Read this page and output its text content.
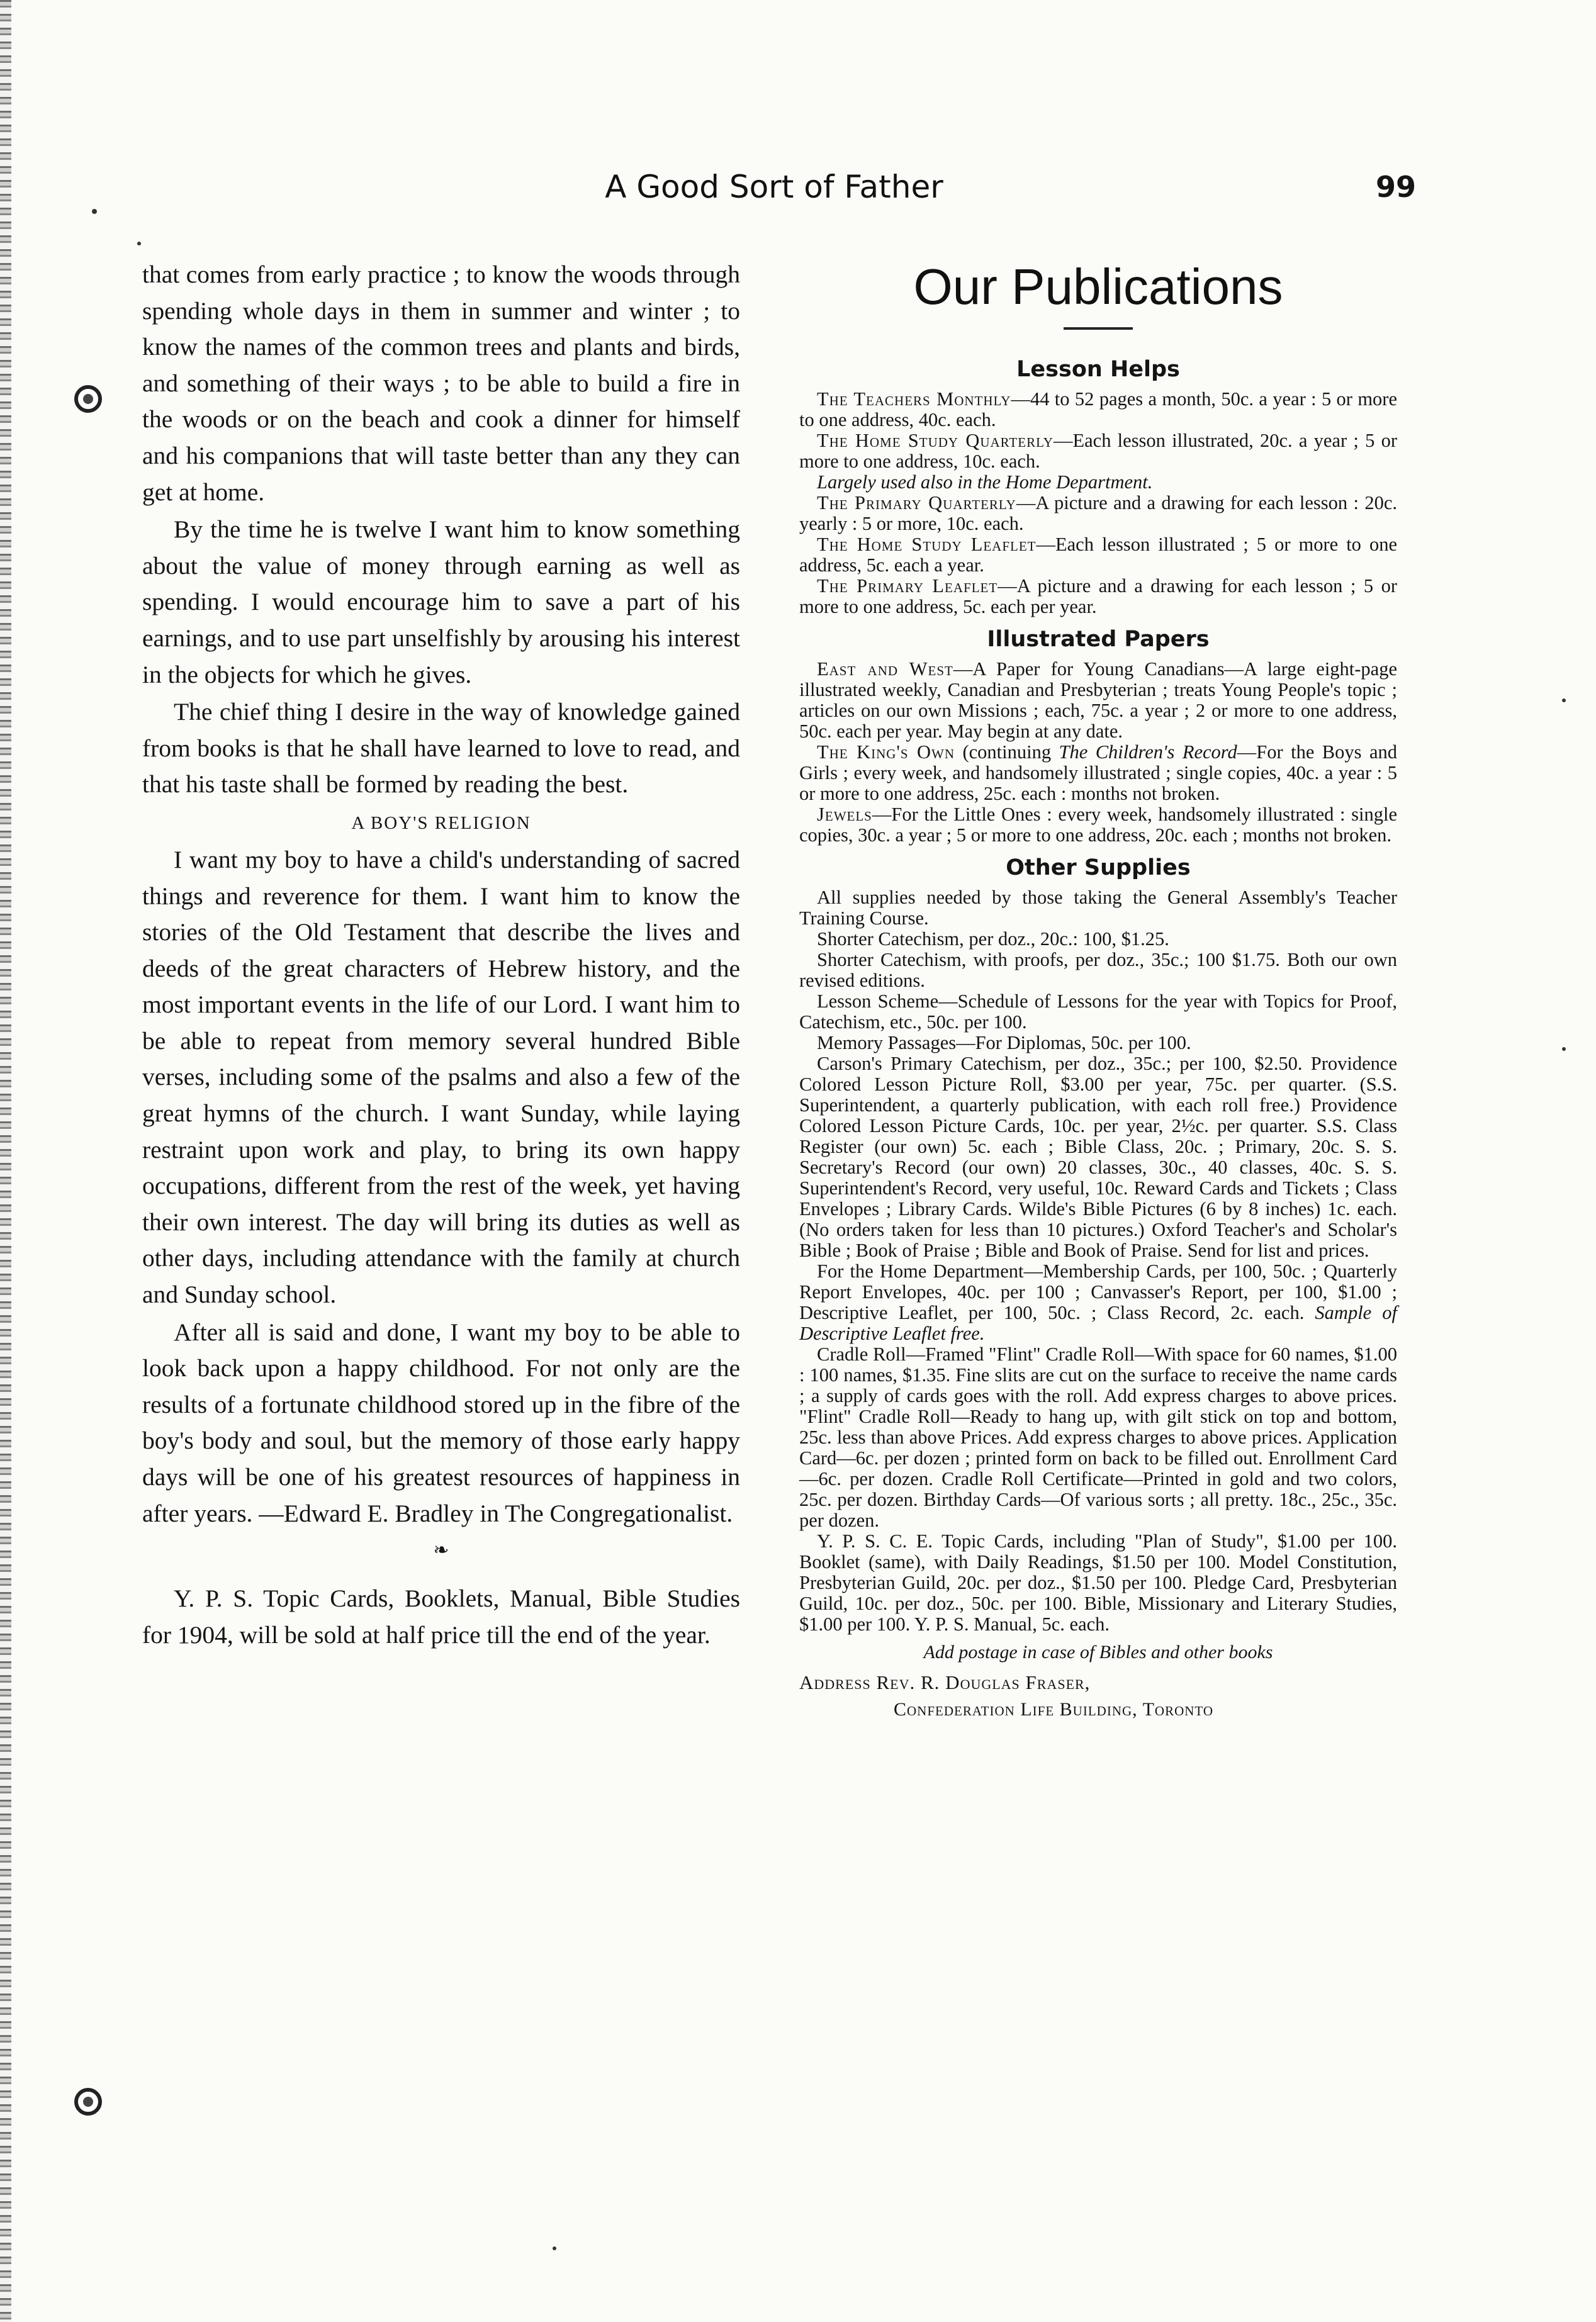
A Good Sort of Father	99

that comes from early practice ; to know the woods through spending whole days in them in summer and winter ; to know the names of the common trees and plants and birds, and something of their ways ; to be able to build a fire in the woods or on the beach and cook a dinner for himself and his companions that will taste better than any they can get at home.

By the time he is twelve I want him to know something about the value of money through earning as well as spending. I would encourage him to save a part of his earnings, and to use part unselfishly by arousing his interest in the objects for which he gives.

The chief thing I desire in the way of knowledge gained from books is that he shall have learned to love to read, and that his taste shall be formed by reading the best.

A BOY'S RELIGION

I want my boy to have a child's understanding of sacred things and reverence for them. I want him to know the stories of the Old Testament that describe the lives and deeds of the great characters of Hebrew history, and the most important events in the life of our Lord. I want him to be able to repeat from memory several hundred Bible verses, including some of the psalms and also a few of the great hymns of the church. I want Sunday, while laying restraint upon work and play, to bring its own happy occupations, different from the rest of the week, yet having their own interest. The day will bring its duties as well as other days, including attendance with the family at church and Sunday school.

After all is said and done, I want my boy to be able to look back upon a happy childhood. For not only are the results of a fortunate childhood stored up in the fibre of the boy's body and soul, but the memory of those early happy days will be one of his greatest resources of happiness in after years. —Edward E. Bradley in The Congregationalist.

❧

Y. P. S. Topic Cards, Booklets, Manual, Bible Studies for 1904, will be sold at half price till the end of the year.

Our Publications
Lesson Helps

The Teachers Monthly—44 to 52 pages a month, 50c. a year : 5 or more to one address, 40c. each.

The Home Study Quarterly—Each lesson illustrated, 20c. a year ; 5 or more to one address, 10c. each.

Largely used also in the Home Department.

The Primary Quarterly—A picture and a drawing for each lesson : 20c. yearly : 5 or more, 10c. each.

The Home Study Leaflet—Each lesson illustrated ; 5 or more to one address, 5c. each a year.

The Primary Leaflet—A picture and a drawing for each lesson ; 5 or more to one address, 5c. each per year.

Illustrated Papers

East and West—A Paper for Young Canadians—A large eight-page illustrated weekly, Canadian and Presbyterian ; treats Young People's topic ; articles on our own Missions ; each, 75c. a year ; 2 or more to one address, 50c. each per year. May begin at any date.

The King's Own (continuing The Children's Record—For the Boys and Girls ; every week, and handsomely illustrated ; single copies, 40c. a year : 5 or more to one address, 25c. each : months not broken.

Jewels—For the Little Ones : every week, handsomely illustrated : single copies, 30c. a year ; 5 or more to one address, 20c. each ; months not broken.

Other Supplies

All supplies needed by those taking the General Assembly's Teacher Training Course.

Shorter Catechism, per doz., 20c.: 100, $1.25.

Shorter Catechism, with proofs, per doz., 35c.; 100 $1.75. Both our own revised editions.

Lesson Scheme—Schedule of Lessons for the year with Topics for Proof, Catechism, etc., 50c. per 100.

Memory Passages—For Diplomas, 50c. per 100.

Carson's Primary Catechism, per doz., 35c.; per 100, $2.50. Providence Colored Lesson Picture Roll, $3.00 per year, 75c. per quarter. (S.S. Superintendent, a quarterly publication, with each roll free.) Providence Colored Lesson Picture Cards, 10c. per year, 2½c. per quarter. S.S. Class Register (our own) 5c. each ; Bible Class, 20c. ; Primary, 20c. S. S. Secretary's Record (our own) 20 classes, 30c., 40 classes, 40c. S. S. Superintendent's Record, very useful, 10c. Reward Cards and Tickets ; Class Envelopes ; Library Cards. Wilde's Bible Pictures (6 by 8 inches) 1c. each. (No orders taken for less than 10 pictures.) Oxford Teacher's and Scholar's Bible ; Book of Praise ; Bible and Book of Praise. Send for list and prices.

For the Home Department—Membership Cards, per 100, 50c. ; Quarterly Report Envelopes, 40c. per 100 ; Canvasser's Report, per 100, $1.00 ; Descriptive Leaflet, per 100, 50c. ; Class Record, 2c. each. Sample of Descriptive Leaflet free.

Cradle Roll—Framed "Flint" Cradle Roll—With space for 60 names, $1.00 : 100 names, $1.35. Fine slits are cut on the surface to receive the name cards ; a supply of cards goes with the roll. Add express charges to above prices. "Flint" Cradle Roll—Ready to hang up, with gilt stick on top and bottom, 25c. less than above Prices. Add express charges to above prices. Application Card—6c. per dozen ; printed form on back to be filled out. Enrollment Card—6c. per dozen. Cradle Roll Certificate—Printed in gold and two colors, 25c. per dozen. Birthday Cards—Of various sorts ; all pretty. 18c., 25c., 35c. per dozen.

Y. P. S. C. E. Topic Cards, including "Plan of Study", $1.00 per 100. Booklet (same), with Daily Readings, $1.50 per 100. Model Constitution, Presbyterian Guild, 20c. per doz., $1.50 per 100. Pledge Card, Presbyterian Guild, 10c. per doz., 50c. per 100. Bible, Missionary and Literary Studies, $1.00 per 100. Y. P. S. Manual, 5c. each.

Add postage in case of Bibles and other books
Address Rev. R. Douglas Fraser,
Confederation Life Building, Toronto
